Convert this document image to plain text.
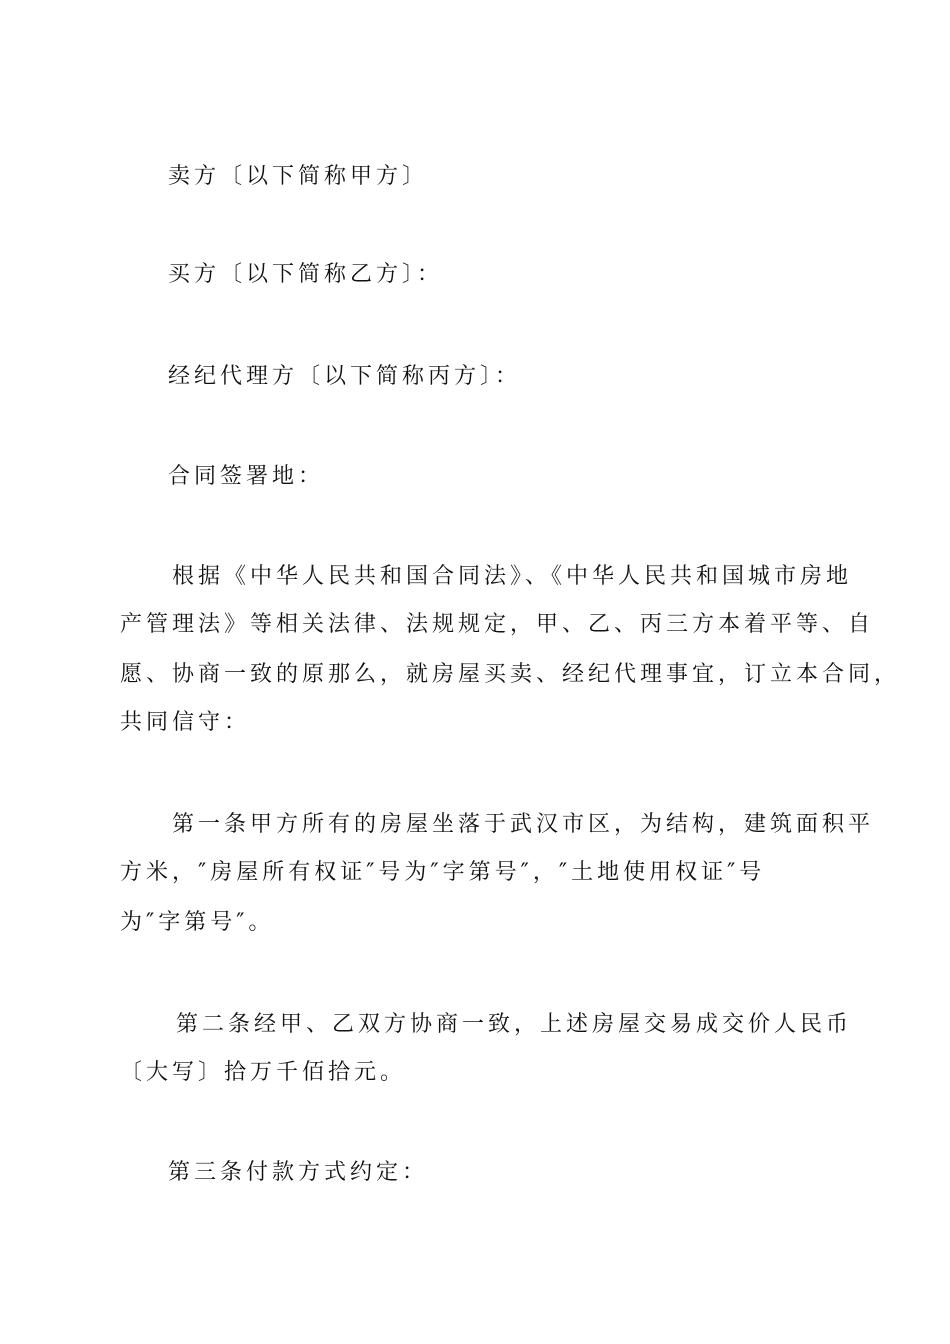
卖方〔以下简称甲方〕
买方〔以下简称乙方〕：
经纪代理方〔以下简称丙方〕：
合同签署地：
根据《中华人民共和国合同法》、《中华人民共和国城市房地
产管理法》等相关法律、法规规定，甲、乙、丙三方本着平等、自
愿、协商一致的原那么，就房屋买卖、经纪代理事宜，订立本合同，
共同信守：
第一条甲方所有的房屋坐落于武汉市区，为结构，建筑面积平
方米，″房屋所有权证″号为″字第号″，″土地使用权证″号
为″字第号″。
第二条经甲、乙双方协商一致，上述房屋交易成交价人民币
〔大写〕拾万千佰拾元。
第三条付款方式约定：
